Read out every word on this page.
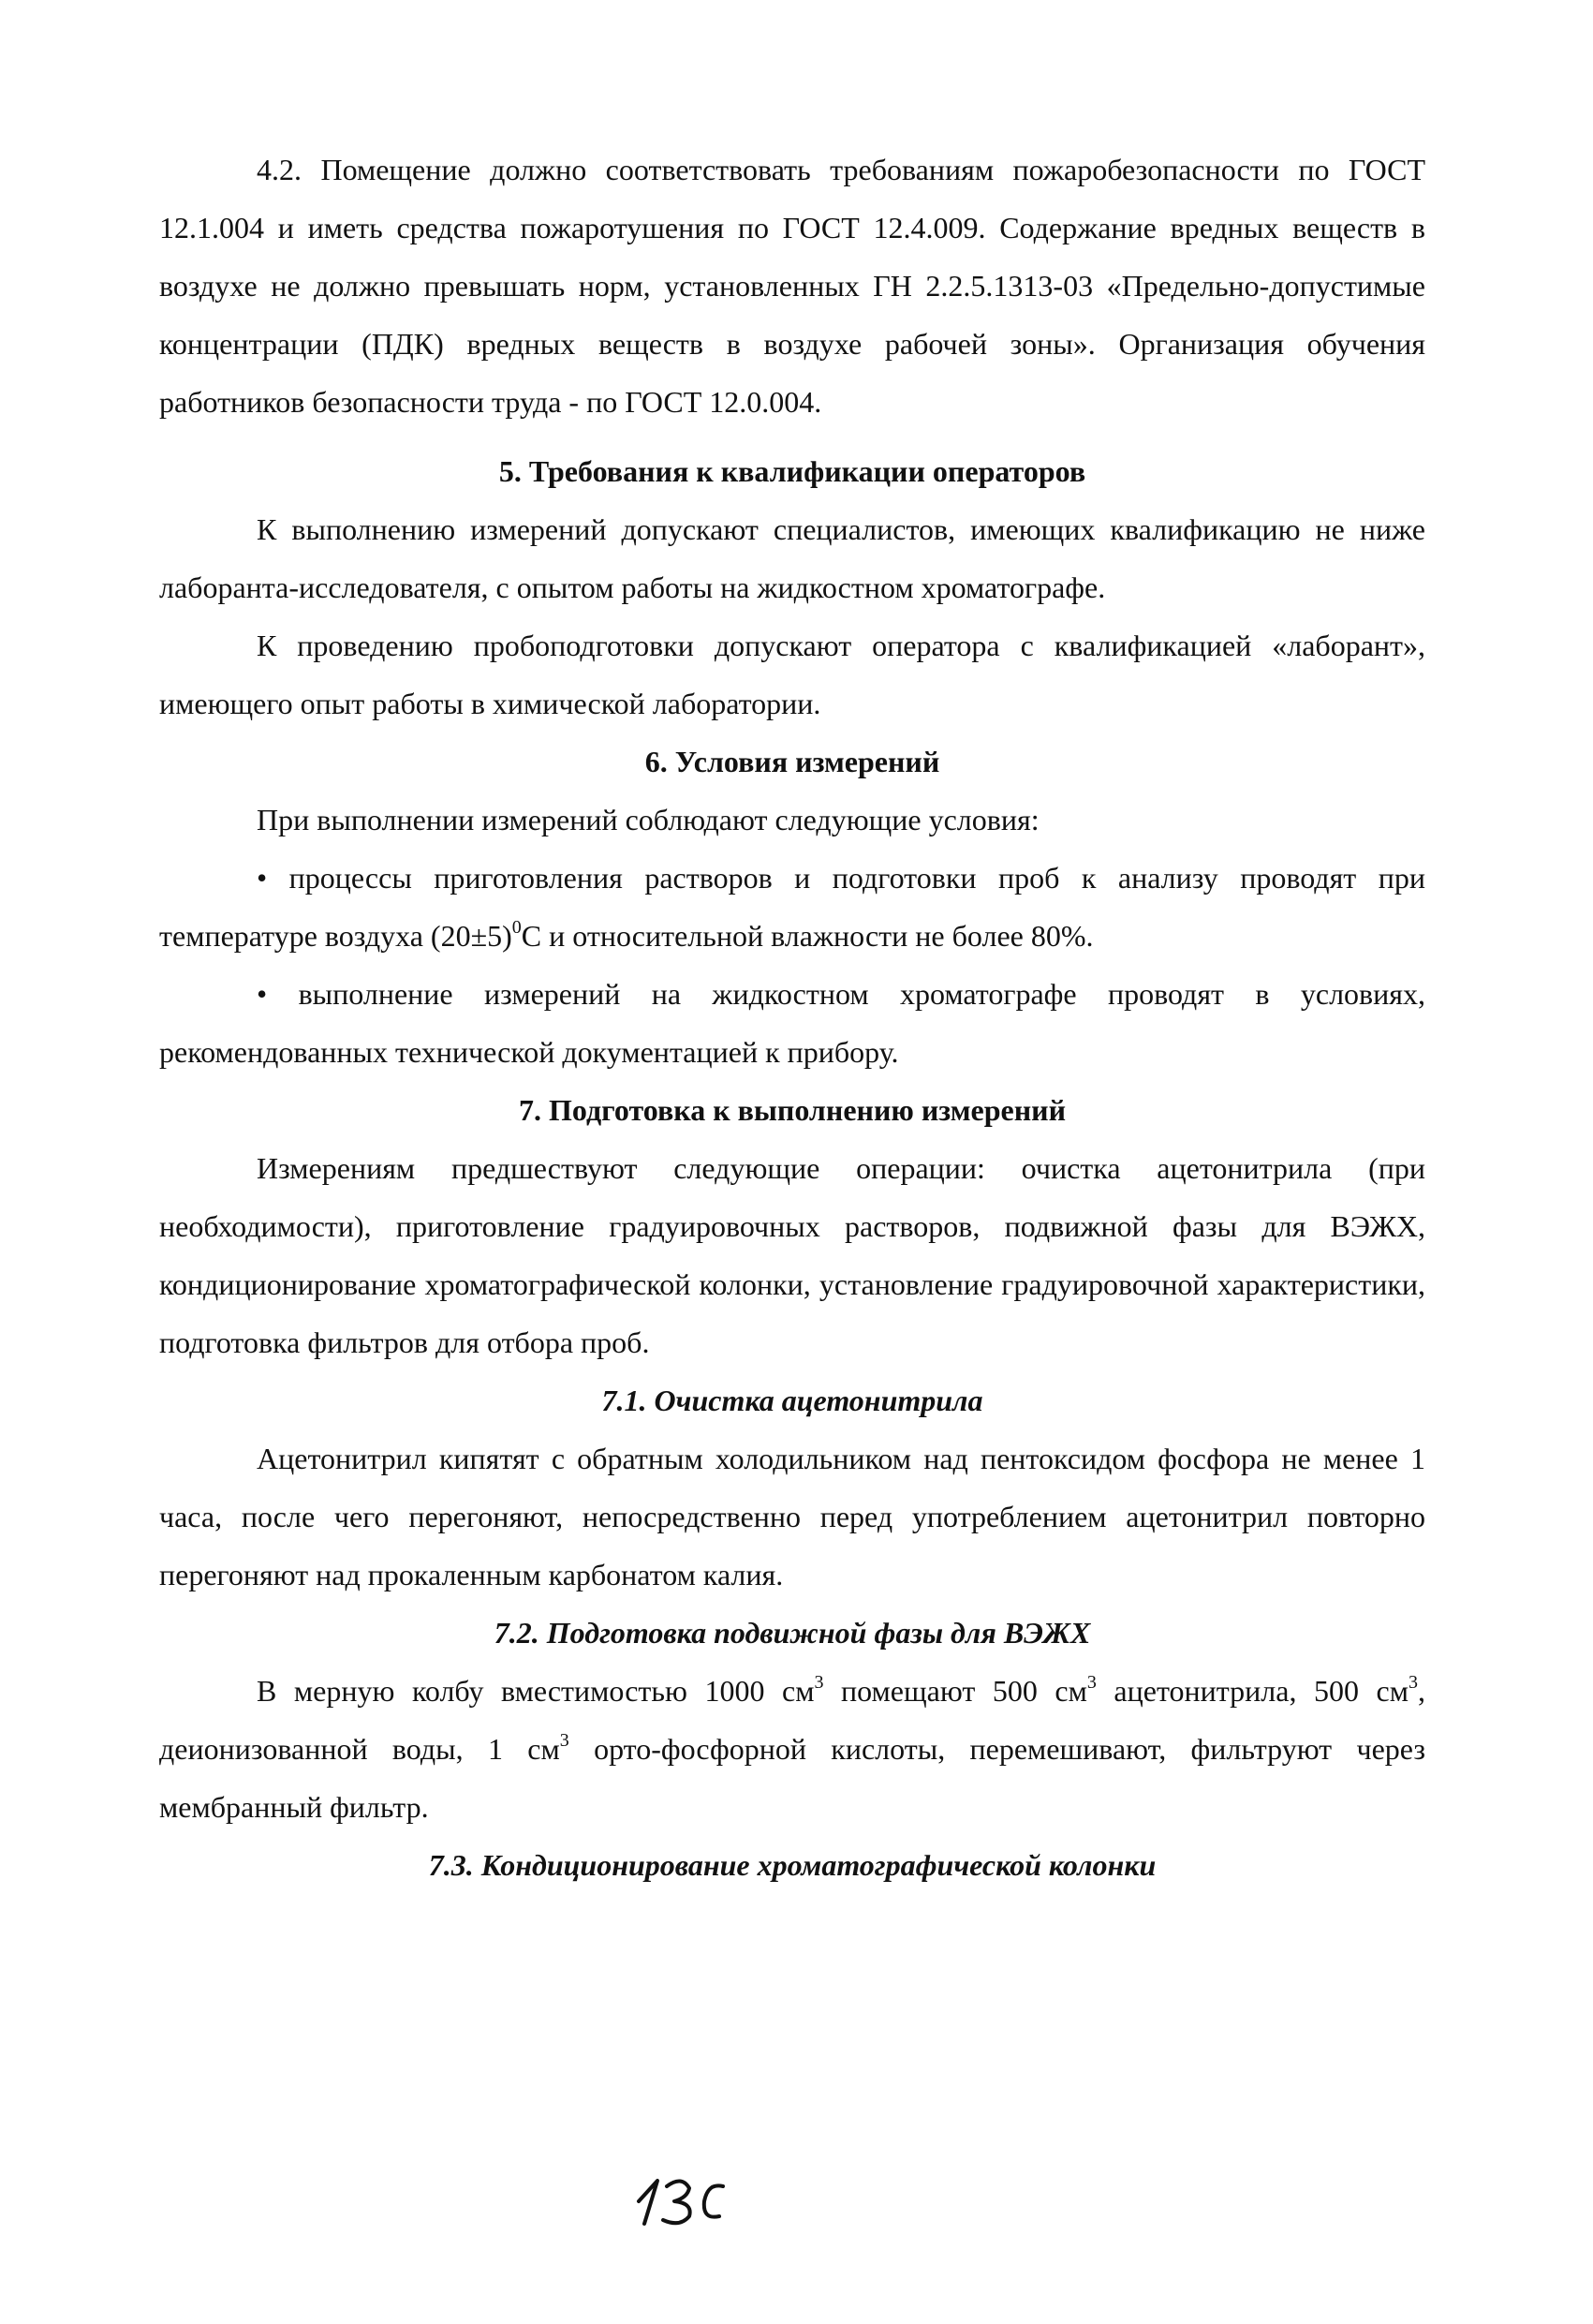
4.2. Помещение должно соответствовать требованиям пожаробезопасности по ГОСТ 12.1.004 и иметь средства пожаротушения по ГОСТ 12.4.009. Содержание вредных веществ в воздухе не должно превышать норм, установленных ГН 2.2.5.1313-03 «Предельно-допустимые концентрации (ПДК) вредных веществ в воздухе рабочей зоны». Организация обучения работников безопасности труда - по ГОСТ 12.0.004.

5. Требования к квалификации операторов

К выполнению измерений допускают специалистов, имеющих квалификацию не ниже лаборанта-исследователя, с опытом работы на жидкостном хроматографе.

К проведению пробоподготовки допускают оператора с квалификацией «лаборант», имеющего опыт работы в химической лаборатории.

6. Условия измерений

При выполнении измерений соблюдают следующие условия:

• процессы приготовления растворов и подготовки проб к анализу проводят при температуре воздуха $(20\pm 5)^0С$ и относительной влажности не более 80%.

• выполнение измерений на жидкостном хроматографе проводят в условиях, рекомендованных технической документацией к прибору.

7. Подготовка к выполнению измерений

Измерениям предшествуют следующие операции: очистка ацетонитрила (при необходимости), приготовление градуировочных растворов, подвижной фазы для ВЭЖХ, кондиционирование хроматографической колонки, установление градуировочной характеристики, подготовка фильтров для отбора проб.

7.1. Очистка ацетонитрила

Ацетонитрил кипятят с обратным холодильником над пентоксидом фосфора не менее 1 часа, после чего перегоняют, непосредственно перед употреблением ацетонитрил повторно перегоняют над прокаленным карбонатом калия.

7.2. Подготовка подвижной фазы для ВЭЖХ

В мерную колбу вместимостью 1000 $см^3$ помещают 500 $см^3$ ацетонитрила, 500 $см^3$, деионизованной воды, 1 $см^3$ орто-фосфорной кислоты, перемешивают, фильтруют через мембранный фильтр.

7.3. Кондиционирование хроматографической колонки
